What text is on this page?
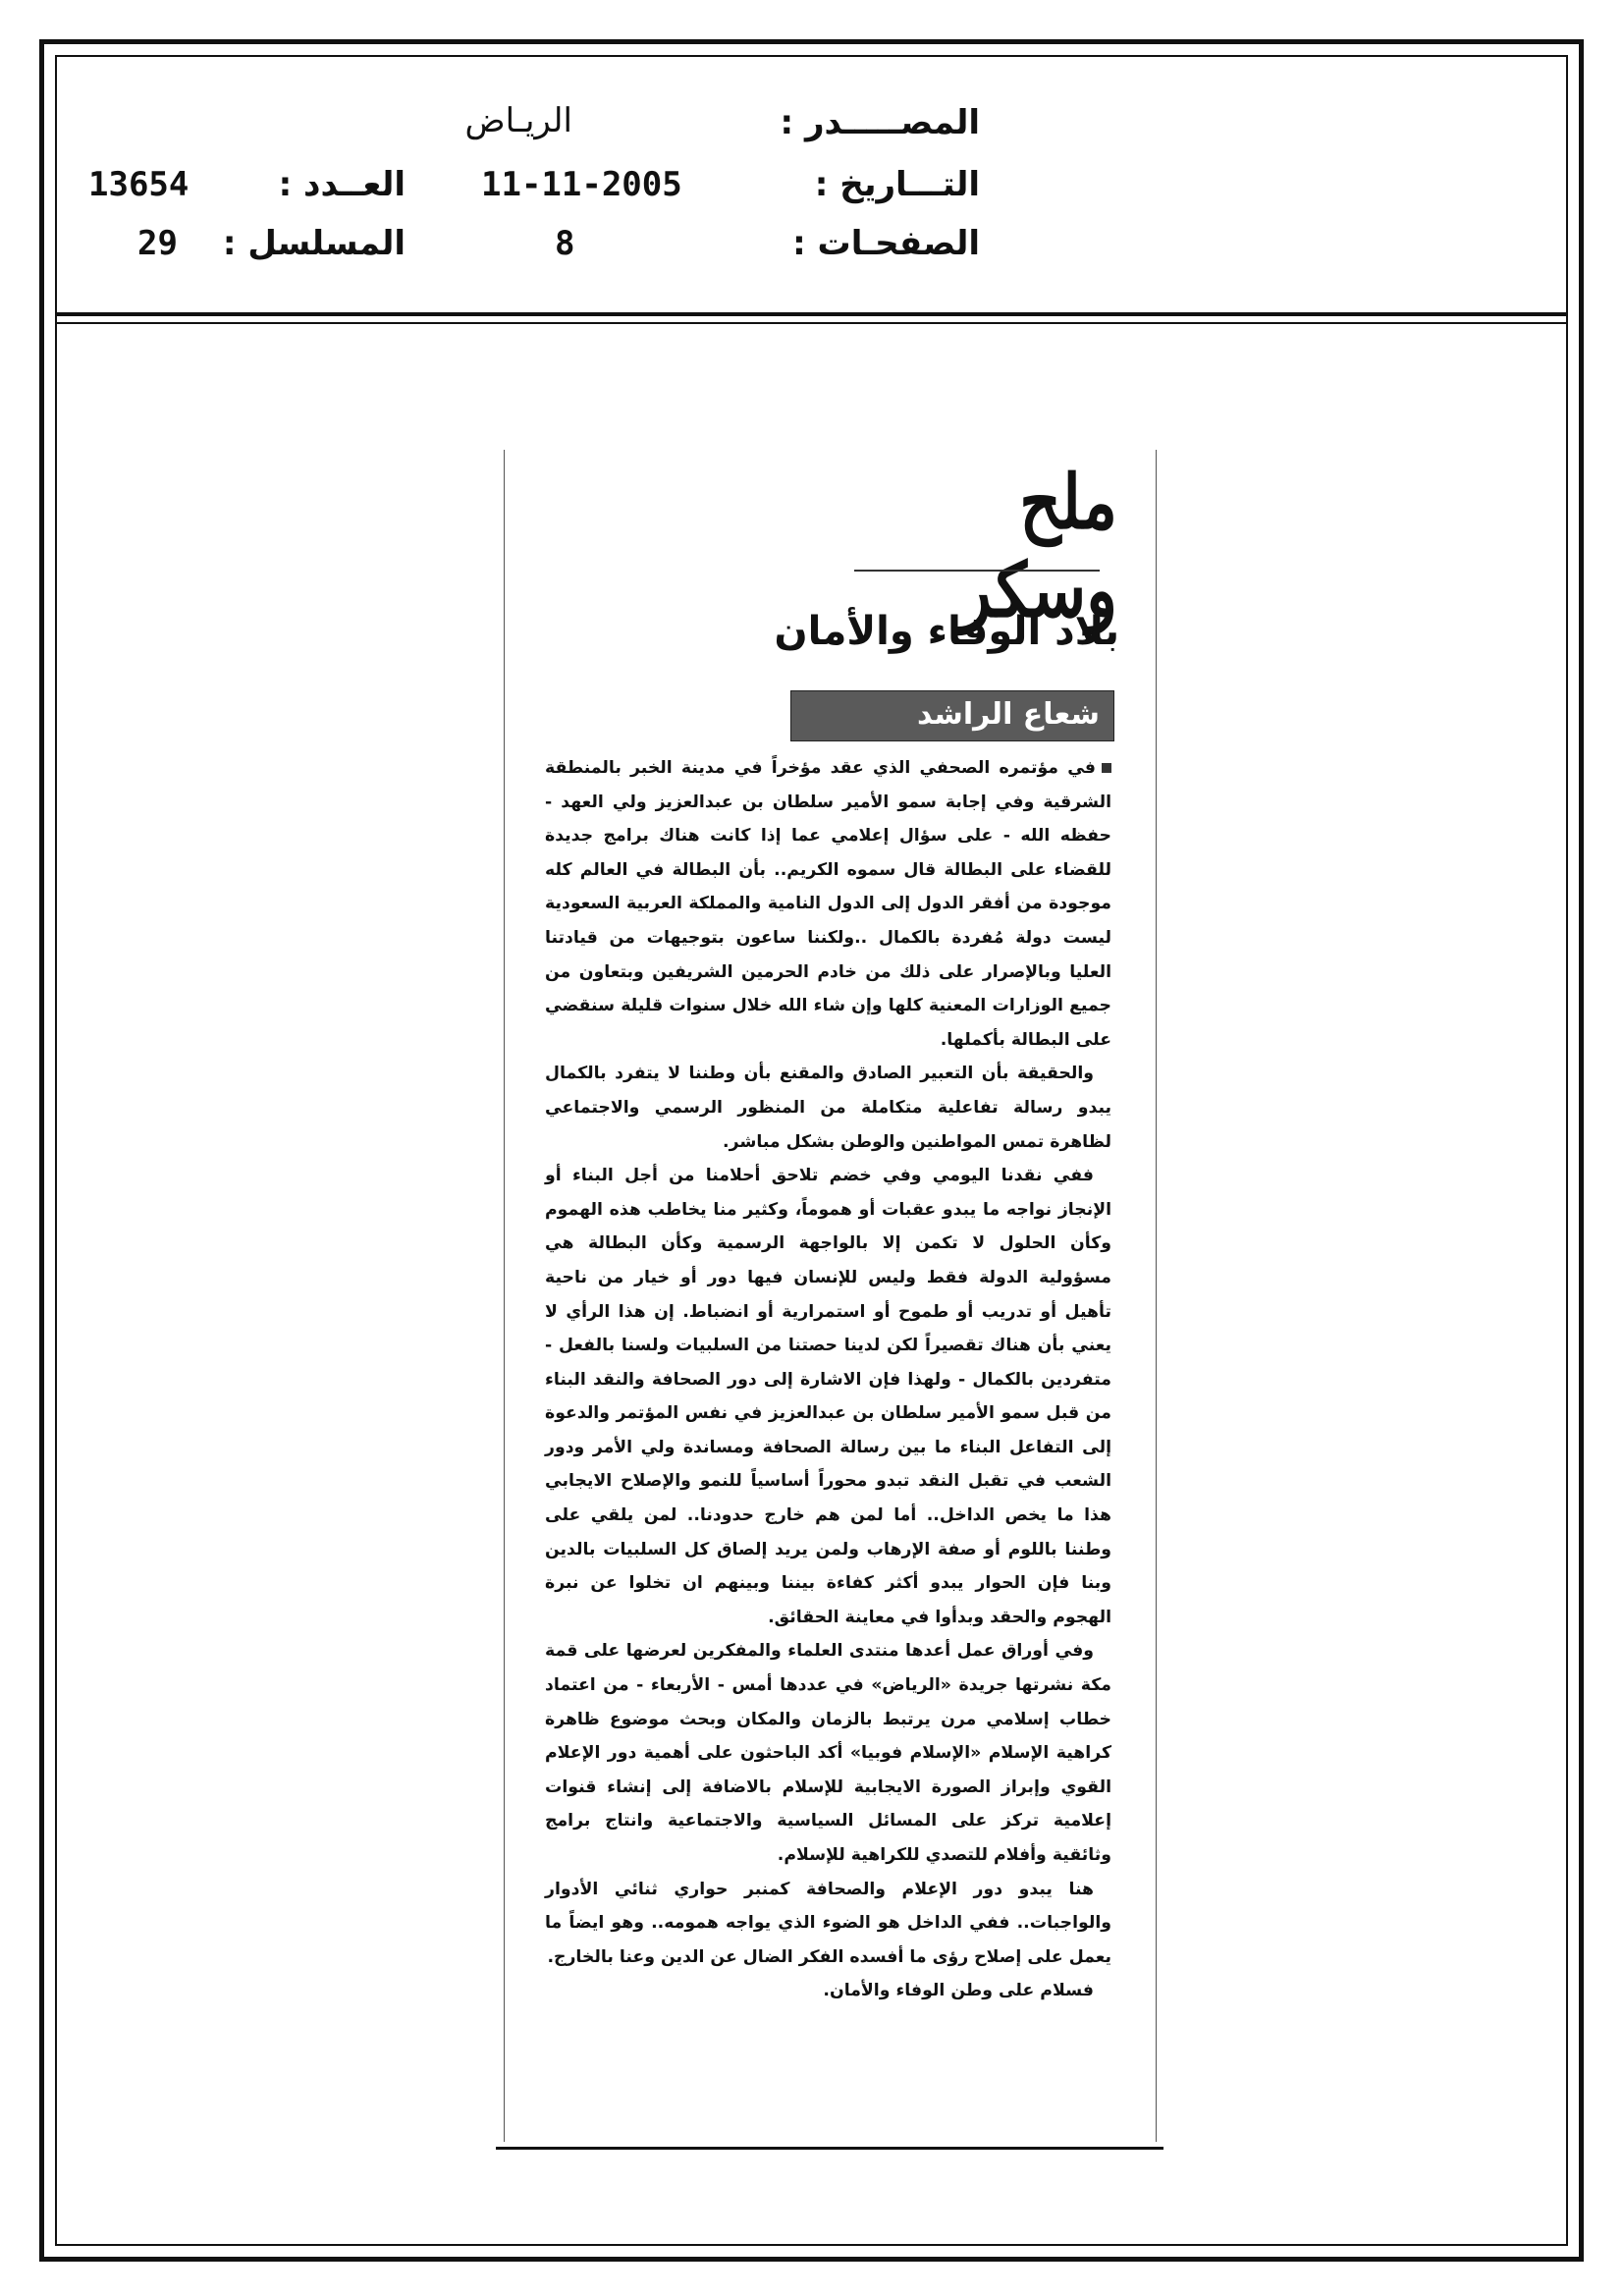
المصـــــدر :
الريـاض
التـــاريخ :
11-11-2005
العــدد :
13654
الصفحـات :
8
المسلسل :
29
ملح وسكر
بلاد الوفاء والأمان
شعاع الراشد

في مؤتمره الصحفي الذي عقد مؤخراً في مدينة الخبر بالمنطقة الشرقية وفي إجابة سمو الأمير سلطان بن عبدالعزيز ولي العهد - حفظه الله - على سؤال إعلامي عما إذا كانت هناك برامج جديدة للقضاء على البطالة قال سموه الكريم.. بأن البطالة في العالم كله موجودة من أفقر الدول إلى الدول النامية والمملكة العربية السعودية ليست دولة مُفردة بالكمال ..ولكننا ساعون بتوجيهات من قيادتنا العليا وبالإصرار على ذلك من خادم الحرمين الشريفين وبتعاون من جميع الوزارات المعنية كلها وإن شاء الله خلال سنوات قليلة سنقضي على البطالة بأكملها.

والحقيقة بأن التعبير الصادق والمقنع بأن وطننا لا يتفرد بالكمال يبدو رسالة تفاعلية متكاملة من المنظور الرسمي والاجتماعي لظاهرة تمس المواطنين والوطن بشكل مباشر.

ففي نقدنا اليومي وفي خضم تلاحق أحلامنا من أجل البناء أو الإنجاز نواجه ما يبدو عقبات أو هموماً، وكثير منا يخاطب هذه الهموم وكأن الحلول لا تكمن إلا بالواجهة الرسمية وكأن البطالة هي مسؤولية الدولة فقط وليس للإنسان فيها دور أو خيار من ناحية تأهيل أو تدريب أو طموح أو استمرارية أو انضباط. إن هذا الرأي لا يعني بأن هناك تقصيراً لكن لدينا حصتنا من السلبيات ولسنا بالفعل - متفردين بالكمال - ولهذا فإن الاشارة إلى دور الصحافة والنقد البناء من قبل سمو الأمير سلطان بن عبدالعزيز في نفس المؤتمر والدعوة إلى التفاعل البناء ما بين رسالة الصحافة ومساندة ولي الأمر ودور الشعب في تقبل النقد تبدو محوراً أساسياً للنمو والإصلاح الايجابي هذا ما يخص الداخل.. أما لمن هم خارج حدودنا.. لمن يلقي على وطننا باللوم أو صفة الإرهاب ولمن يريد إلصاق كل السلبيات بالدين وبنا فإن الحوار يبدو أكثر كفاءة بيننا وبينهم ان تخلوا عن نبرة الهجوم والحقد وبدأوا في معاينة الحقائق.

وفي أوراق عمل أعدها منتدى العلماء والمفكرين لعرضها على قمة مكة نشرتها جريدة «الرياض» في عددها أمس - الأربعاء - من اعتماد خطاب إسلامي مرن يرتبط بالزمان والمكان وبحث موضوع ظاهرة كراهية الإسلام «الإسلام فوبيا» أكد الباحثون على أهمية دور الإعلام القوي وإبراز الصورة الايجابية للإسلام بالاضافة إلى إنشاء قنوات إعلامية تركز على المسائل السياسية والاجتماعية وانتاج برامج وثائقية وأفلام للتصدي للكراهية للإسلام.

هنا يبدو دور الإعلام والصحافة كمنبر حواري ثنائي الأدوار والواجبات.. ففي الداخل هو الضوء الذي يواجه همومه.. وهو ايضاً ما يعمل على إصلاح رؤى ما أفسده الفكر الضال عن الدين وعنا بالخارج.

فسلام على وطن الوفاء والأمان.
